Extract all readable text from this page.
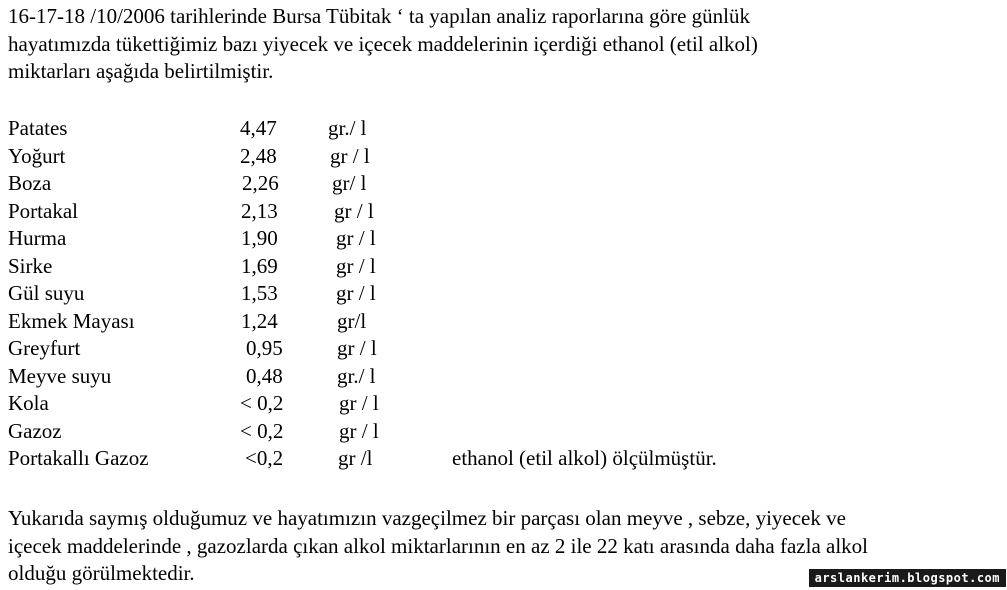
16-17-18 /10/2006 tarihlerinde Bursa Tübitak ‘ ta yapılan analiz raporlarına göre günlük
hayatımızda tükettiğimiz bazı yiyecek ve içecek maddelerinin içerdiği ethanol (etil alkol)
miktarları aşağıda belirtilmiştir.
Patates	4,47 gr./ l
Yoğurt	2,48	gr / l
Boza	2,26	gr/ l
Portakal	2,13	gr / l
Hurma	1,90	gr / l
Sirke	1,69	gr / l
Gül suyu	1,53	gr / l
Ekmek Mayası	1,24	gr/l
Greyfurt	0,95	gr / l
Meyve suyu	0,48	gr./ l
Kola	< 0,2	gr / l
Gazoz	< 0,2	gr / l
Portakallı Gazoz	<0,2	gr /l	ethanol (etil alkol) ölçülmüştür.
Yukarıda saymış olduğumuz ve hayatımızın vazgeçilmez bir parçası olan meyve , sebze, yiyecek ve
içecek maddelerinde , gazozlarda çıkan alkol miktarlarının en az 2 ile 22 katı arasında daha fazla alkol
olduğu görülmektedir.	arslankerim.blogspot.com
